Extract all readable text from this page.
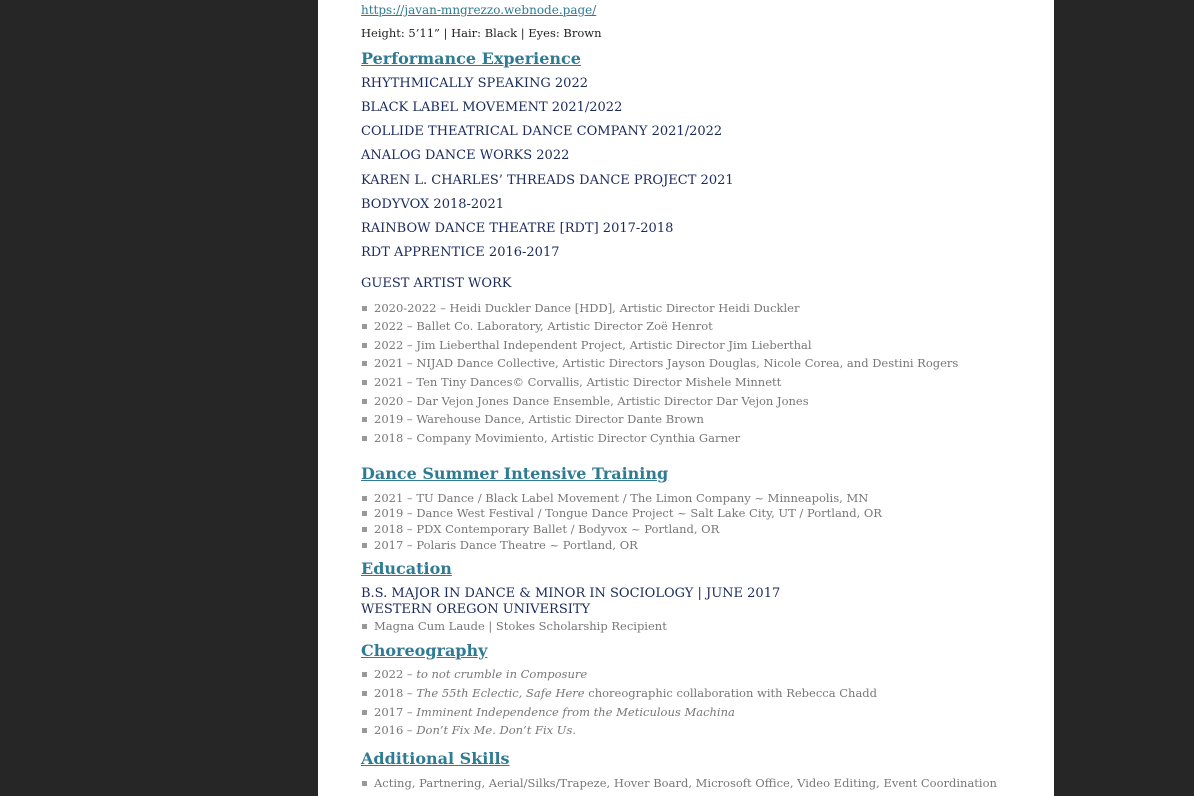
https://javan-mngrezzo.webnode.page/
Height: 5’11” | Hair: Black | Eyes: Brown
Performance Experience
RHYTHMICALLY SPEAKING 2022
BLACK LABEL MOVEMENT 2021/2022
COLLIDE THEATRICAL DANCE COMPANY 2021/2022
ANALOG DANCE WORKS 2022
KAREN L. CHARLES’ THREADS DANCE PROJECT 2021
BODYVOX 2018-2021
RAINBOW DANCE THEATRE [RDT] 2017-2018
RDT APPRENTICE 2016-2017
GUEST ARTIST WORK
2020-2022 – Heidi Duckler Dance [HDD], Artistic Director Heidi Duckler
2022 – Ballet Co. Laboratory, Artistic Director Zoë Henrot
2022 – Jim Lieberthal Independent Project, Artistic Director Jim Lieberthal
2021 – NIJAD Dance Collective, Artistic Directors Jayson Douglas, Nicole Corea, and Destini Rogers
2021 – Ten Tiny Dances© Corvallis, Artistic Director Mishele Minnett
2020 – Dar Vejon Jones Dance Ensemble, Artistic Director Dar Vejon Jones
2019 – Warehouse Dance, Artistic Director Dante Brown
2018 – Company Movimiento, Artistic Director Cynthia Garner
Dance Summer Intensive Training
2021 – TU Dance / Black Label Movement / The Limon Company ~ Minneapolis, MN
2019 – Dance West Festival / Tongue Dance Project ~ Salt Lake City, UT / Portland, OR
2018 – PDX Contemporary Ballet / Bodyvox ~ Portland, OR
2017 – Polaris Dance Theatre ~ Portland, OR
Education
B.S. MAJOR IN DANCE & MINOR IN SOCIOLOGY | JUNE 2017
WESTERN OREGON UNIVERSITY
Magna Cum Laude | Stokes Scholarship Recipient
Choreography
2022 – to not crumble in Composure
2018 – The 55th Eclectic, Safe Here choreographic collaboration with Rebecca Chadd
2017 – Imminent Independence from the Meticulous Machina
2016 – Don’t Fix Me. Don’t Fix Us.
Additional Skills
Acting, Partnering, Aerial/Silks/Trapeze, Hover Board, Microsoft Office, Video Editing, Event Coordination
